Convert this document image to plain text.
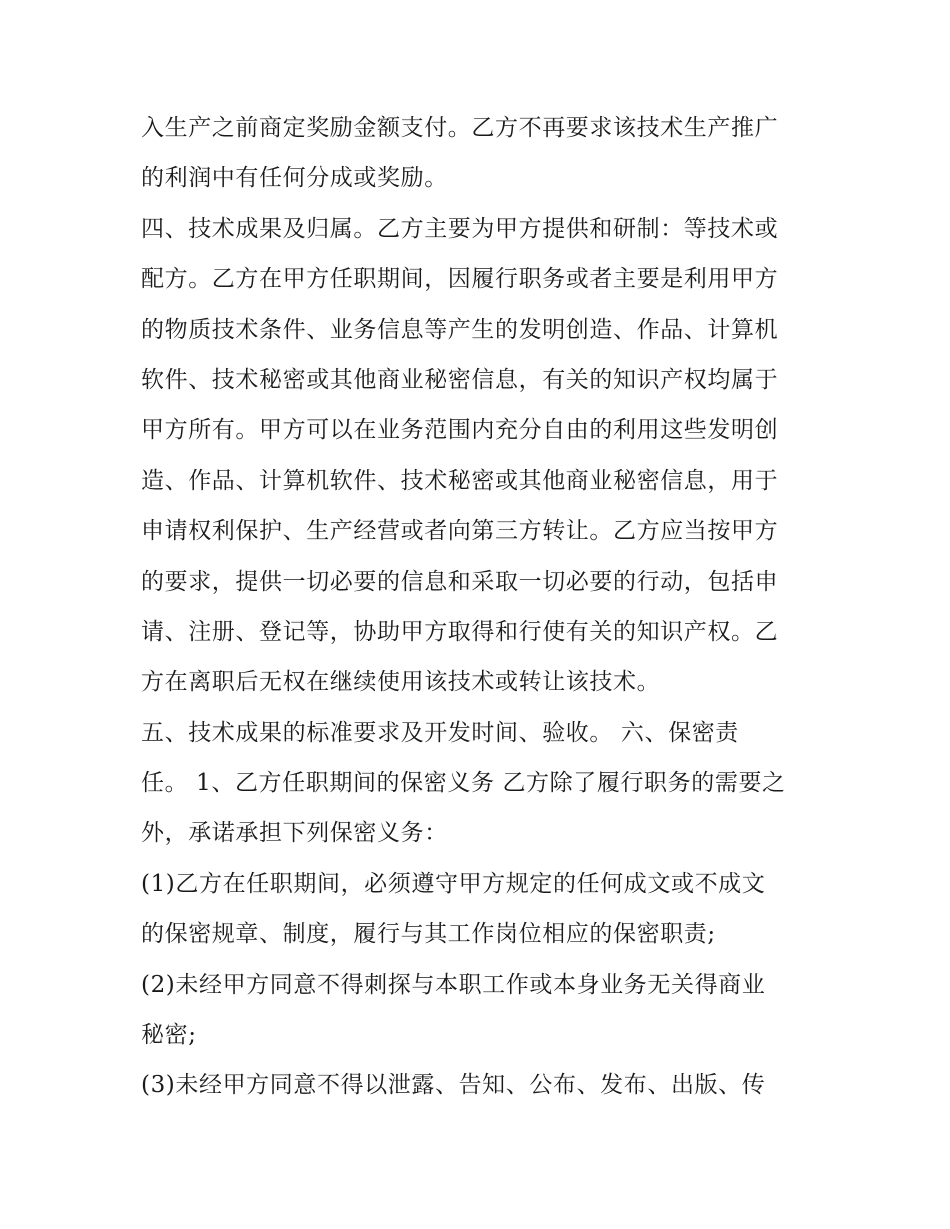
入生产之前商定奖励金额支付。乙方不再要求该技术生产推广
的利润中有任何分成或奖励。
四、技术成果及归属。乙方主要为甲方提供和研制：等技术或
配方。乙方在甲方任职期间，因履行职务或者主要是利用甲方
的物质技术条件、业务信息等产生的发明创造、作品、计算机
软件、技术秘密或其他商业秘密信息，有关的知识产权均属于
甲方所有。甲方可以在业务范围内充分自由的利用这些发明创
造、作品、计算机软件、技术秘密或其他商业秘密信息，用于
申请权利保护、生产经营或者向第三方转让。乙方应当按甲方
的要求，提供一切必要的信息和采取一切必要的行动，包括申
请、注册、登记等，协助甲方取得和行使有关的知识产权。乙
方在离职后无权在继续使用该技术或转让该技术。
五、技术成果的标准要求及开发时间、验收。 六、保密责
任。 1、乙方任职期间的保密义务 乙方除了履行职务的需要之
外，承诺承担下列保密义务：
(1)乙方在任职期间，必须遵守甲方规定的任何成文或不成文
的保密规章、制度，履行与其工作岗位相应的保密职责;
(2)未经甲方同意不得刺探与本职工作或本身业务无关得商业
秘密;
(3)未经甲方同意不得以泄露、告知、公布、发布、出版、传
